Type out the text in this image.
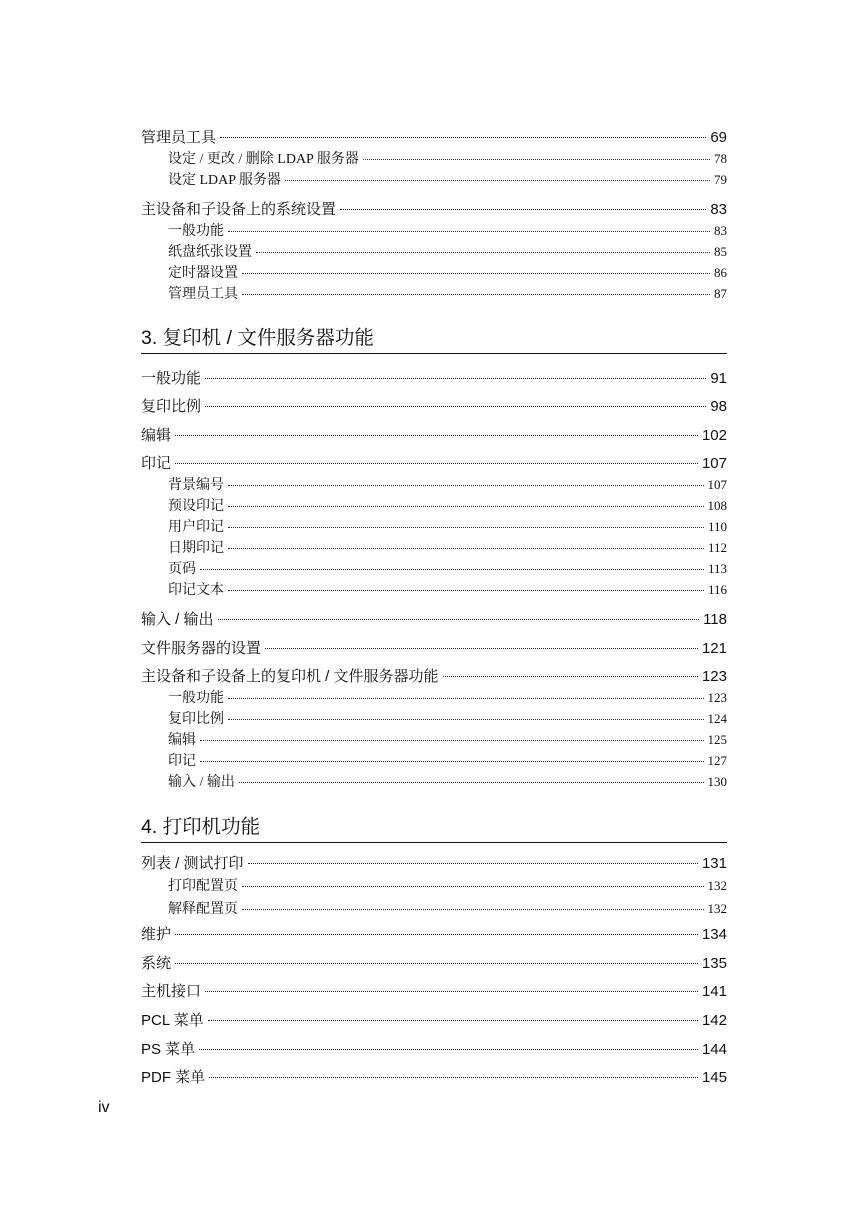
管理员工具	69
设定 / 更改 / 删除 LDAP 服务器	78
设定 LDAP 服务器	79
主设备和子设备上的系统设置	83
一般功能	83
纸盘纸张设置	85
定时器设置	86
管理员工具	87
3. 复印机 / 文件服务器功能
一般功能	91
复印比例	98
编辑	102
印记	107
背景编号	107
预设印记	108
用户印记	110
日期印记	112
页码	113
印记文本	116
输入 / 输出	118
文件服务器的设置	121
主设备和子设备上的复印机 / 文件服务器功能	123
一般功能	123
复印比例	124
编辑	125
印记	127
输入 / 输出	130
4. 打印机功能
列表 / 测试打印	131
打印配置页	132
解释配置页	132
维护	134
系统	135
主机接口	141
PCL 菜单	142
PS 菜单	144
PDF 菜单	145
iv
